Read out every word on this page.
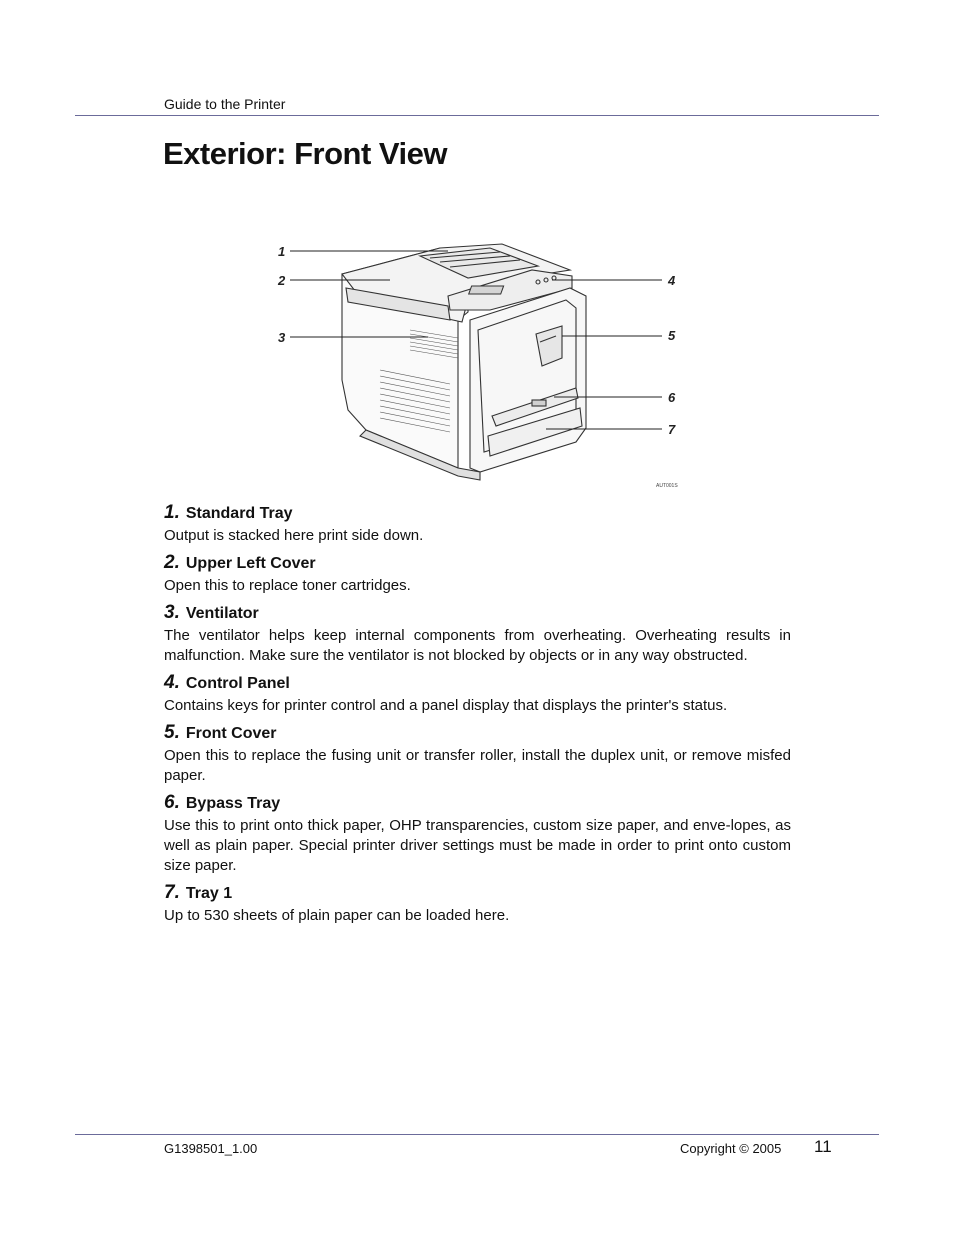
Guide to the Printer
Exterior: Front View
1
2
3
4
5
6
7
AUT001S
1. Standard Tray

Output is stacked here print side down.

2. Upper Left Cover

Open this to replace toner cartridges.

3. Ventilator

The ventilator helps keep internal components from overheating. Overheating results in malfunction. Make sure the ventilator is not blocked by objects or in any way obstructed.

4. Control Panel

Contains keys for printer control and a panel display that displays the printer's status.

5. Front Cover

Open this to replace the fusing unit or transfer roller, install the duplex unit, or remove misfed paper.

6. Bypass Tray

Use this to print onto thick paper, OHP transparencies, custom size paper, and enve-lopes, as well as plain paper. Special printer driver settings must be made in order to print onto custom size paper.

7. Tray 1

Up to 530 sheets of plain paper can be loaded here.

G1398501_1.00	Copyright © 2005 11
